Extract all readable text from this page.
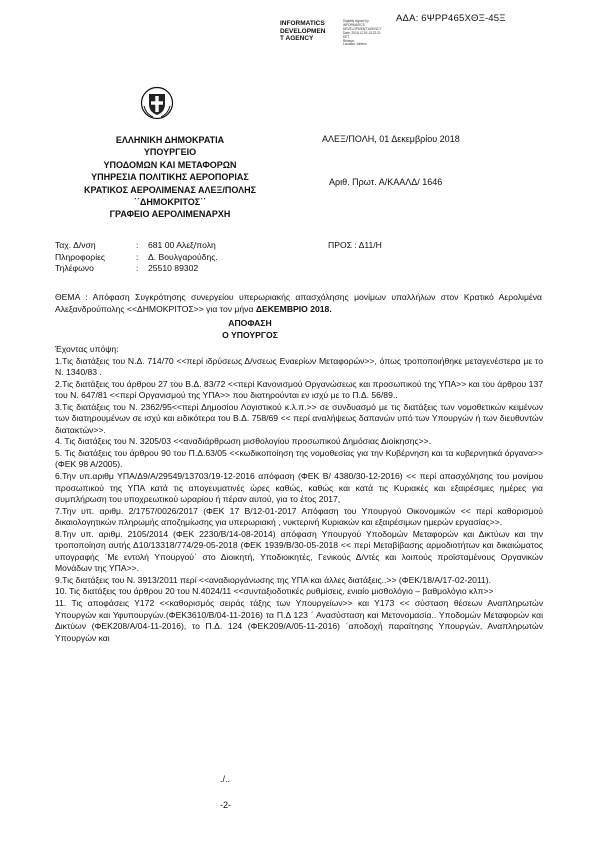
ΑΔΑ: 6ΨΡΡ465ΧΘΞ-45Ξ
INFORMATICS
DEVELOPMEN
T AGENCY
Digitally signed by
INFORMATICS
DEVELOPMENT AGENCY
Date: 2018.12.03 13:22:21
EET
Reason:
Location: Athens
ΕΛΛΗΝΙΚΗ ΔΗΜΟΚΡΑΤΙΑ
ΥΠΟΥΡΓΕΙΟ
ΥΠΟΔΟΜΩΝ ΚΑΙ ΜΕΤΑΦΟΡΩΝ
ΥΠΗΡΕΣΙΑ ΠΟΛΙΤΙΚΗΣ ΑΕΡΟΠΟΡΙΑΣ
ΚΡΑΤΙΚΟΣ ΑΕΡΟΛΙΜΕΝΑΣ ΑΛΕΞ/ΠΟΛΗΣ
΄΄ΔΗΜΟΚΡΙΤΟΣ΄΄
ΓΡΑΦΕΙΟ ΑΕΡΟΛΙΜΕΝΑΡΧΗ
ΑΛΕΞ/ΠΟΛΗ, 01 Δεκεμβρίου 2018
Αριθ. Πρωτ. Α/ΚΑΑΛΔ/ 1646
Ταχ. Δ/νση	:	681 00 Αλεξ/πολη
Πληροφορίες	:	Δ. Βουλγαρούδης.
Τηλέφωνο	:	25510 89302
ΠΡΟΣ : Δ11/Η
ΘΕΜΑ : Απόφαση Συγκρότησης συνεργείου υπερωριακής απασχόλησης μονίμων υπαλλήλων στον Κρατικό Αερολιμένα Αλεξανδρούπολης <<ΔΗΜΟΚΡΙΤΟΣ>> για τον μήνα ΔΕΚΕΜΒΡΙΟ 2018.
ΑΠΟΦΑΣΗ
Ο ΥΠΟΥΡΓΟΣ

Έχοντας υπόψη:

1.Τις διατάξεις του Ν.Δ. 714/70 <<περί ιδρύσεως Δ/νσεως Εναερίων Μεταφορών>>, όπως τροποποιήθηκε μεταγενέστερα με το Ν. 1340/83 .

2.Τις διατάξεις του άρθρου 27 του Β.Δ. 83/72 <<περί Κανονισμού Οργανώσεως και προσωπικού της ΥΠΑ>> και του άρθρου 137 του Ν. 647/81 <<περί Οργανισμού της ΥΠΑ>> που διατηρούνται εν ισχύ με το Π.Δ. 56/89..

3.Τις διατάξεις του Ν. 2362/95<<περί Δημοσίου Λογιστικού κ.λ.π.>> σε συνδυασμό με τις διατάξεις των νομοθετικών κειμένων των διατηρουμένων σε ισχύ και ειδικότερα του Β.Δ. 758/69 << περί αναλήψεως δαπανών υπό των Υπουργών ή των διευθυντών διατακτών>>.

4. Τις διατάξεις του Ν. 3205/03 <<αναδιάρθρωση μισθολογίου προσωπικού Δημόσιας Διοίκησης>>.

5. Τις διατάξεις του άρθρου 90 του Π.Δ.63/05 <<κωδικοποίηση της νομοθεσίας για την Κυβέρνηση και τα κυβερνητικά όργανα>> (ΦΕΚ 98 Α/2005).

6.Την υπ.αριθμ ΥΠΑ/Δ9/Α/29549/13703/19-12-2016 απόφαση (ΦΕΚ Β/ 4380/30-12-2016) << περί απασχόλησης του μονίμου προσωπικού της ΥΠΑ κατά τις απογευματινές ώρες καθώς, καθώς και κατά τις Κυριακές και εξαιρέσιμες ημέρες για συμπλήρωση του υποχρεωτικού ωραρίου ή πέραν αυτού, για το έτος 2017,

7.Την υπ. αριθμ. 2/1757/0026/2017 (ΦΕΚ 17 Β/12-01-2017 Απόφαση του Υπουργού Οικονομικών << περί καθορισμού δικαιολογητικών πληρωμής αποζημίωσης για υπερωριακή , νυκτερινή Κυριακών και εξαιρέσιμων ημερών εργασίας>>.

8.Την υπ. αριθμ. 2105/2014 (ΦΕΚ 2230/Β/14-08-2014) απόφαση Υπουργού Υποδομών Μεταφορών και Δικτύων και την τροποποίηση αυτής Δ10/13318/774/29-05-2018 (ΦΕΚ 1939/Β/30-05-2018 << περί Μεταβίβασης αρμοδιοτήτων και δικαιώματος υπογραφής ΄Με εντολή Υπουργού΄ στο Διοικητή, Υποδιοικητές, Γενικούς Δ/ντές και λοιπούς προϊσταμένους Οργανικών Μονάδων της ΥΠΑ>>.

9.Τις διατάξεις του Ν. 3913/2011 περί <<αναδιοργάνωσης της ΥΠΑ και άλλες διατάξεις..>> (ΦΕΚ/18/Α/17-02-2011).

10. Τις διατάξεις του άρθρου 20 του Ν.4024/11 <<συνταξιοδοτικές ρυθμίσεις, ενιαίο μισθολόγιο – βαθμολόγιο κλπ>>

11. Τις αποφάσεις Υ172 <<καθορισμός σειράς τάξης των Υπουργείων>> και Υ173 << σύσταση θέσεων Αναπληρωτών Υπουργών και Υφυπουργών.(ΦΕΚ3610/Β/04-11-2016) τα Π.Δ 123 ΄ Ανασύσταση και Μετονομασία.. Υποδομών Μεταφορών και Δικτύων (ΦΕΚ208/Α/04-11-2016), το Π.Δ. 124 (ΦΕΚ209/Α/05-11-2016) ΄αποδοχή παραίτησης Υπουργών, Αναπληρωτών Υπουργών και

./..
-2-
